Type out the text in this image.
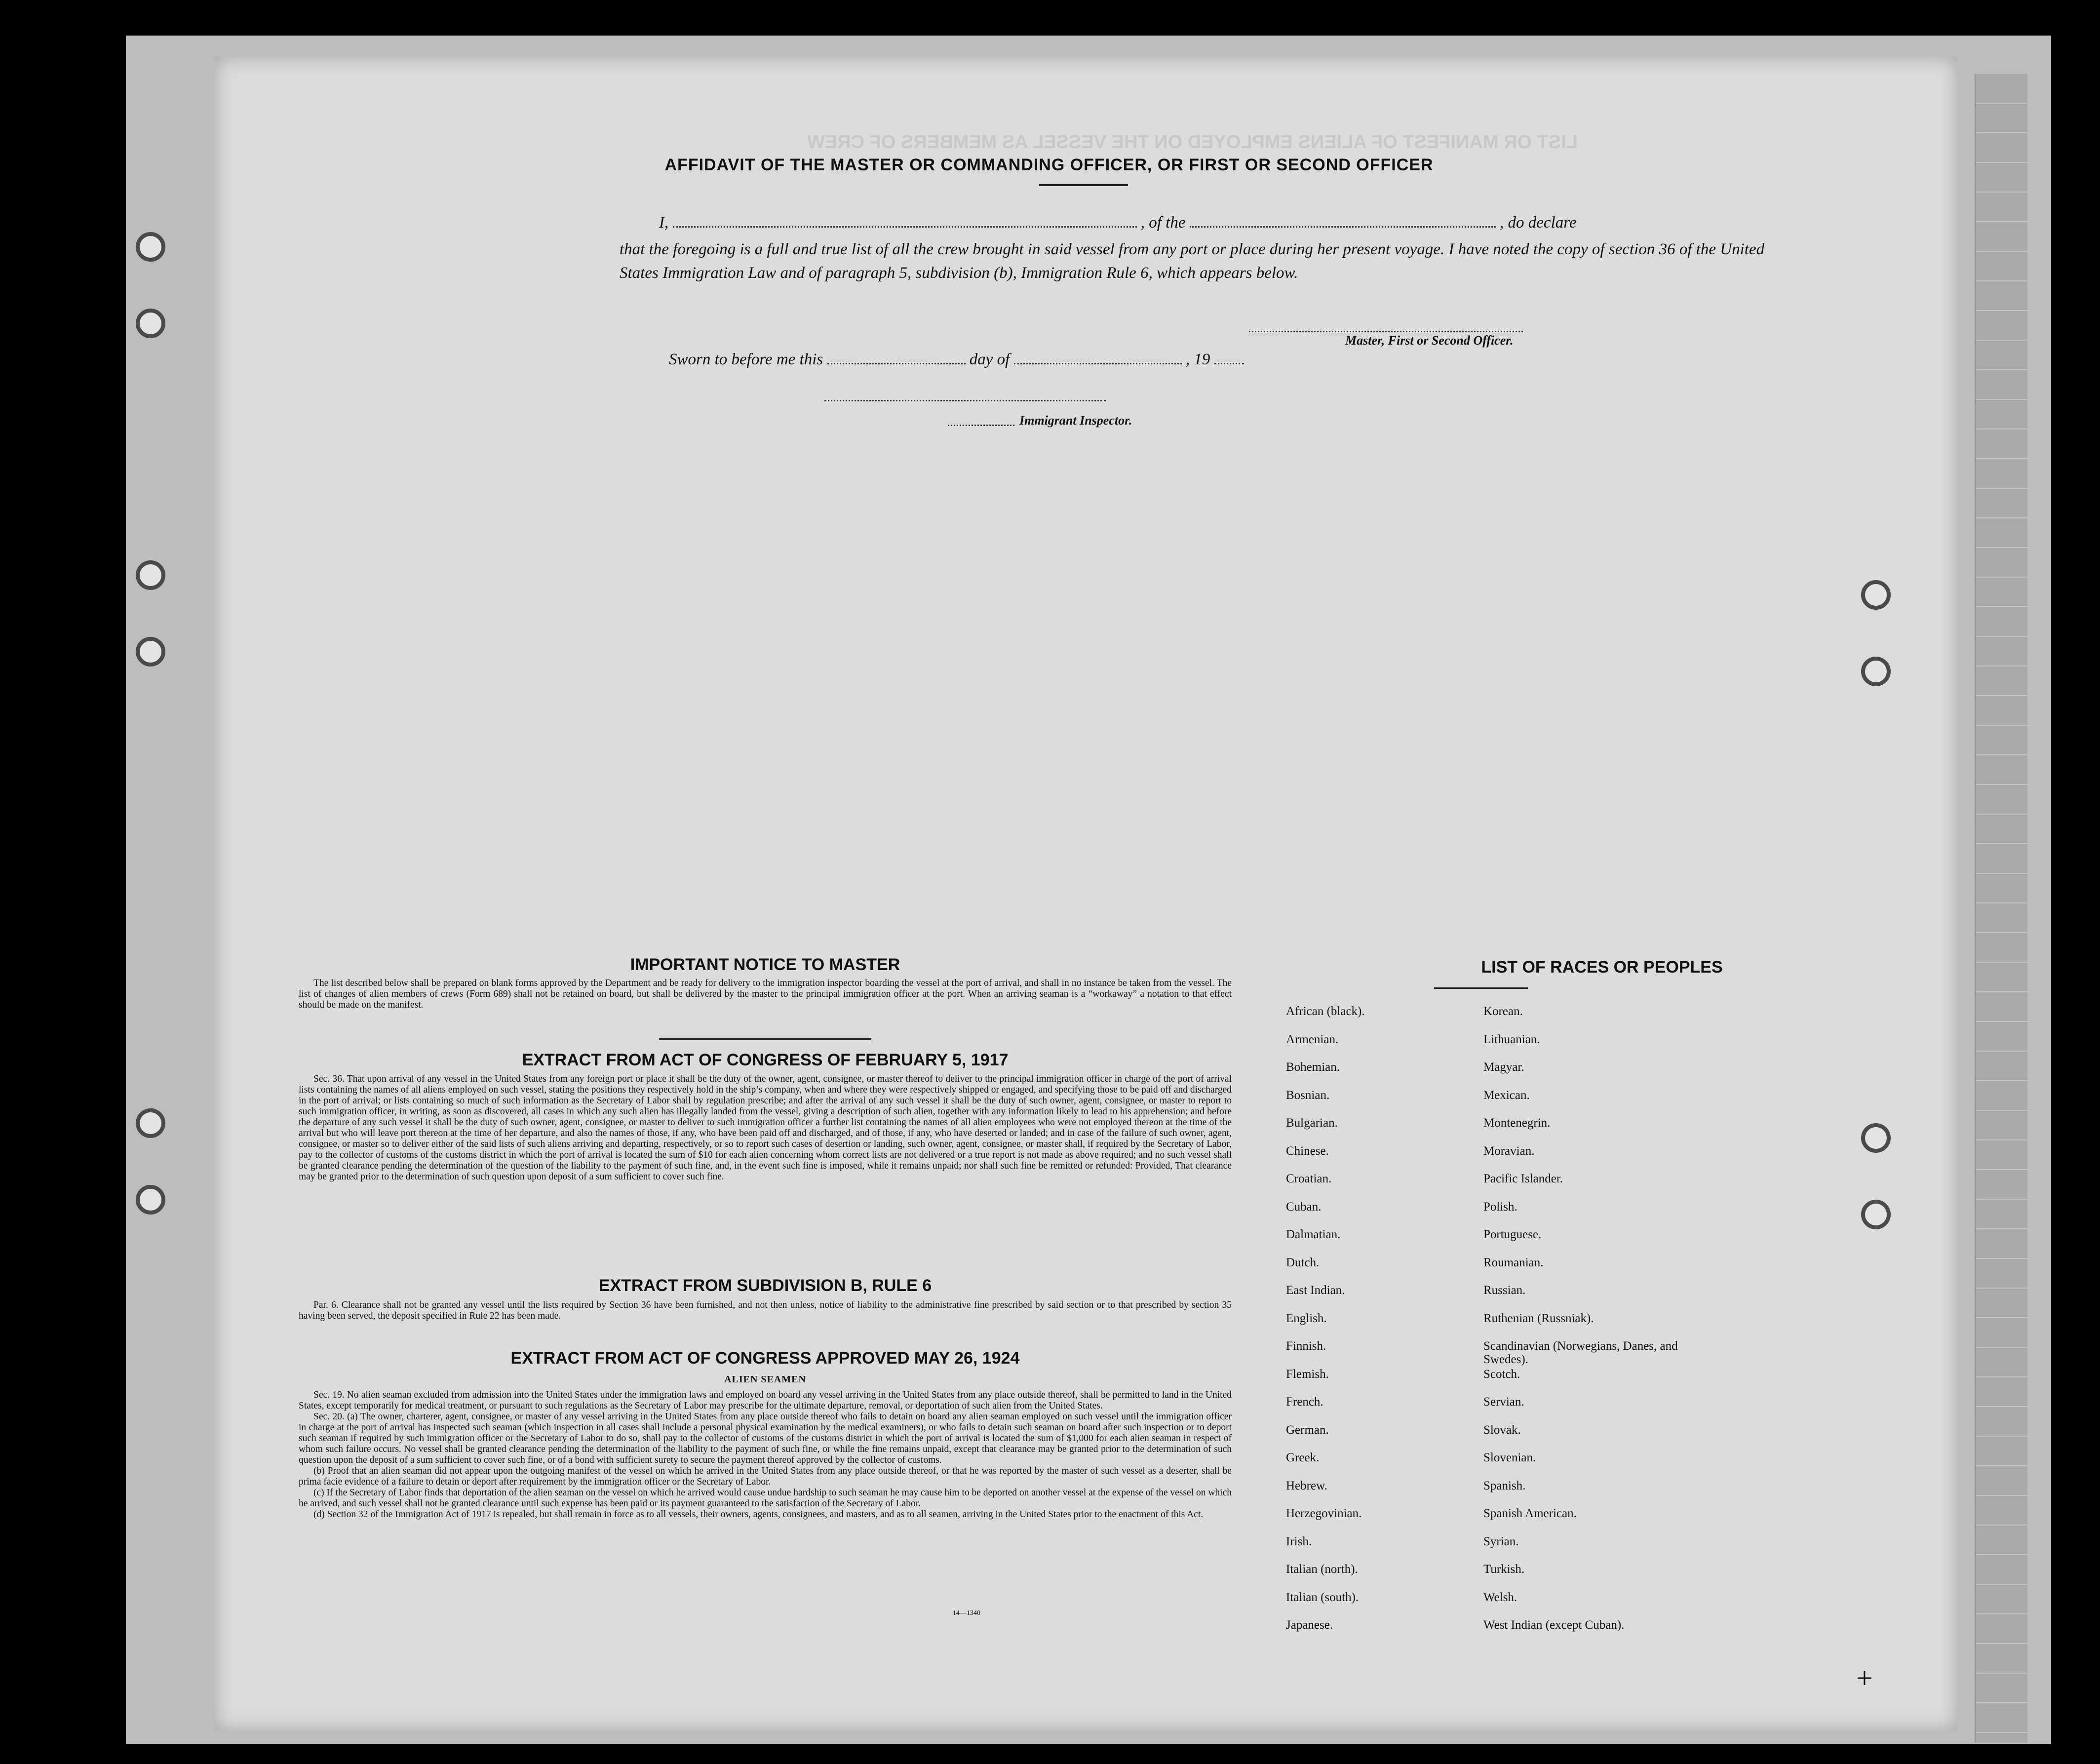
LIST OR MANIFEST OF ALIENS EMPLOYED ON THE VESSEL AS MEMBERS OF CREW
AFFIDAVIT OF THE MASTER OR COMMANDING OFFICER, OR FIRST OR SECOND OFFICER
I,	, of the	, do declare
that the foregoing is a full and true list of all the crew brought in said vessel from any port or place during her present voyage. I have noted the copy of section 36 of the United States Immigration Law and of paragraph 5, subdivision (b), Immigration Rule 6, which appears below.
Master, First or Second Officer.
Sworn to before me this	day of	, 19
Immigrant Inspector.
IMPORTANT NOTICE TO MASTER

The list described below shall be prepared on blank forms approved by the Department and be ready for delivery to the immigration inspector boarding the vessel at the port of arrival, and shall in no instance be taken from the vessel. The list of changes of alien members of crews (Form 689) shall not be retained on board, but shall be delivered by the master to the principal immigration officer at the port. When an arriving seaman is a “workaway” a notation to that effect should be made on the manifest.

EXTRACT FROM ACT OF CONGRESS OF FEBRUARY 5, 1917

Sec. 36. That upon arrival of any vessel in the United States from any foreign port or place it shall be the duty of the owner, agent, consignee, or master thereof to deliver to the principal immigration officer in charge of the port of arrival lists containing the names of all aliens employed on such vessel, stating the positions they respectively hold in the ship’s company, when and where they were respectively shipped or engaged, and specifying those to be paid off and discharged in the port of arrival; or lists containing so much of such information as the Secretary of Labor shall by regulation prescribe; and after the arrival of any such vessel it shall be the duty of such owner, agent, consignee, or master to report to such immigration officer, in writing, as soon as discovered, all cases in which any such alien has illegally landed from the vessel, giving a description of such alien, together with any information likely to lead to his apprehension; and before the departure of any such vessel it shall be the duty of such owner, agent, consignee, or master to deliver to such immigration officer a further list containing the names of all alien employees who were not employed thereon at the time of the arrival but who will leave port thereon at the time of her departure, and also the names of those, if any, who have been paid off and discharged, and of those, if any, who have deserted or landed; and in case of the failure of such owner, agent, consignee, or master so to deliver either of the said lists of such aliens arriving and departing, respectively, or so to report such cases of desertion or landing, such owner, agent, consignee, or master shall, if required by the Secretary of Labor, pay to the collector of customs of the customs district in which the port of arrival is located the sum of $10 for each alien concerning whom correct lists are not delivered or a true report is not made as above required; and no such vessel shall be granted clearance pending the determination of the question of the liability to the payment of such fine, and, in the event such fine is imposed, while it remains unpaid; nor shall such fine be remitted or refunded: Provided, That clearance may be granted prior to the determination of such question upon deposit of a sum sufficient to cover such fine.

EXTRACT FROM SUBDIVISION B, RULE 6

Par. 6. Clearance shall not be granted any vessel until the lists required by Section 36 have been furnished, and not then unless, notice of liability to the administrative fine prescribed by said section or to that prescribed by section 35 having been served, the deposit specified in Rule 22 has been made.

EXTRACT FROM ACT OF CONGRESS APPROVED MAY 26, 1924
ALIEN SEAMEN

Sec. 19. No alien seaman excluded from admission into the United States under the immigration laws and employed on board any vessel arriving in the United States from any place outside thereof, shall be permitted to land in the United States, except temporarily for medical treatment, or pursuant to such regulations as the Secretary of Labor may prescribe for the ultimate departure, removal, or deportation of such alien from the United States.

Sec. 20. (a) The owner, charterer, agent, consignee, or master of any vessel arriving in the United States from any place outside thereof who fails to detain on board any alien seaman employed on such vessel until the immigration officer in charge at the port of arrival has inspected such seaman (which inspection in all cases shall include a personal physical examination by the medical examiners), or who fails to detain such seaman on board after such inspection or to deport such seaman if required by such immigration officer or the Secretary of Labor to do so, shall pay to the collector of customs of the customs district in which the port of arrival is located the sum of $1,000 for each alien seaman in respect of whom such failure occurs. No vessel shall be granted clearance pending the determination of the liability to the payment of such fine, or while the fine remains unpaid, except that clearance may be granted prior to the determination of such question upon the deposit of a sum sufficient to cover such fine, or of a bond with sufficient surety to secure the payment thereof approved by the collector of customs.

(b) Proof that an alien seaman did not appear upon the outgoing manifest of the vessel on which he arrived in the United States from any place outside thereof, or that he was reported by the master of such vessel as a deserter, shall be prima facie evidence of a failure to detain or deport after requirement by the immigration officer or the Secretary of Labor.

(c) If the Secretary of Labor finds that deportation of the alien seaman on the vessel on which he arrived would cause undue hardship to such seaman he may cause him to be deported on another vessel at the expense of the vessel on which he arrived, and such vessel shall not be granted clearance until such expense has been paid or its payment guaranteed to the satisfaction of the Secretary of Labor.

(d) Section 32 of the Immigration Act of 1917 is repealed, but shall remain in force as to all vessels, their owners, agents, consignees, and masters, and as to all seamen, arriving in the United States prior to the enactment of this Act.

14—1340
LIST OF RACES OR PEOPLES
African (black).
Armenian.
Bohemian.
Bosnian.
Bulgarian.
Chinese.
Croatian.
Cuban.
Dalmatian.
Dutch.
East Indian.
English.
Finnish.
Flemish.
French.
German.
Greek.
Hebrew.
Herzegovinian.
Irish.
Italian (north).
Italian (south).
Japanese.
Korean.
Lithuanian.
Magyar.
Mexican.
Montenegrin.
Moravian.
Pacific Islander.
Polish.
Portuguese.
Roumanian.
Russian.
Ruthenian (Russniak).
Scandinavian (Norwegians, Danes, and Swedes).
Scotch.
Servian.
Slovak.
Slovenian.
Spanish.
Spanish American.
Syrian.
Turkish.
Welsh.
West Indian (except Cuban).
+
